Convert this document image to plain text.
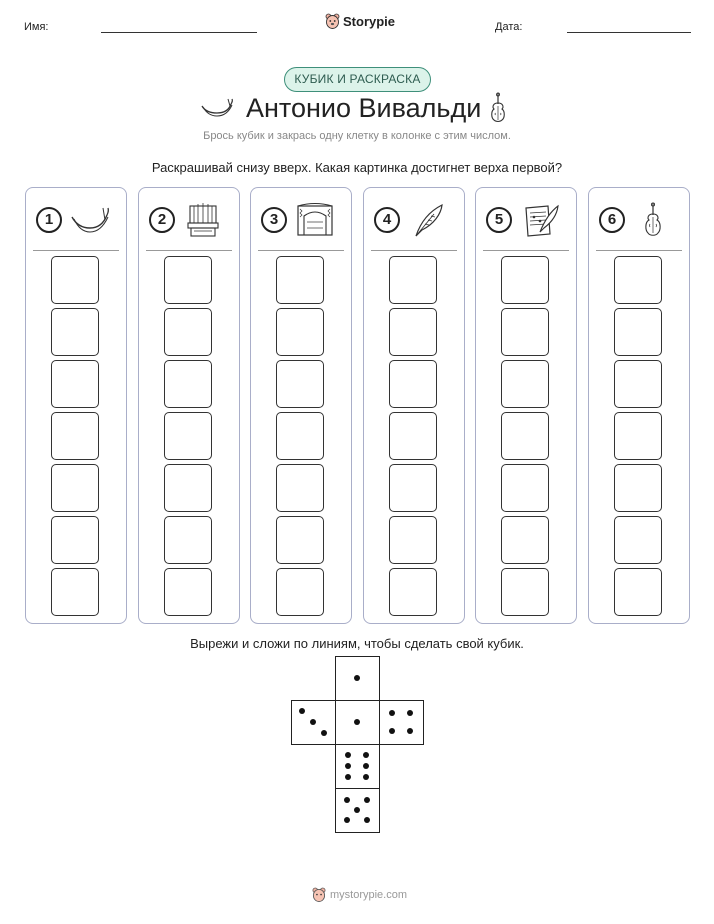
Имя:	Storypie	Дата:
КУБИК И РАСКРАСКА
Антонио Вивальди
Брось кубик и закрась одну клетку в колонке с этим числом.
Раскрашивай снизу вверх. Какая картинка достигнет верха первой?
1	2	3	4	5	6
Вырежи и сложи по линиям, чтобы сделать свой кубик.
mystorypie.com
